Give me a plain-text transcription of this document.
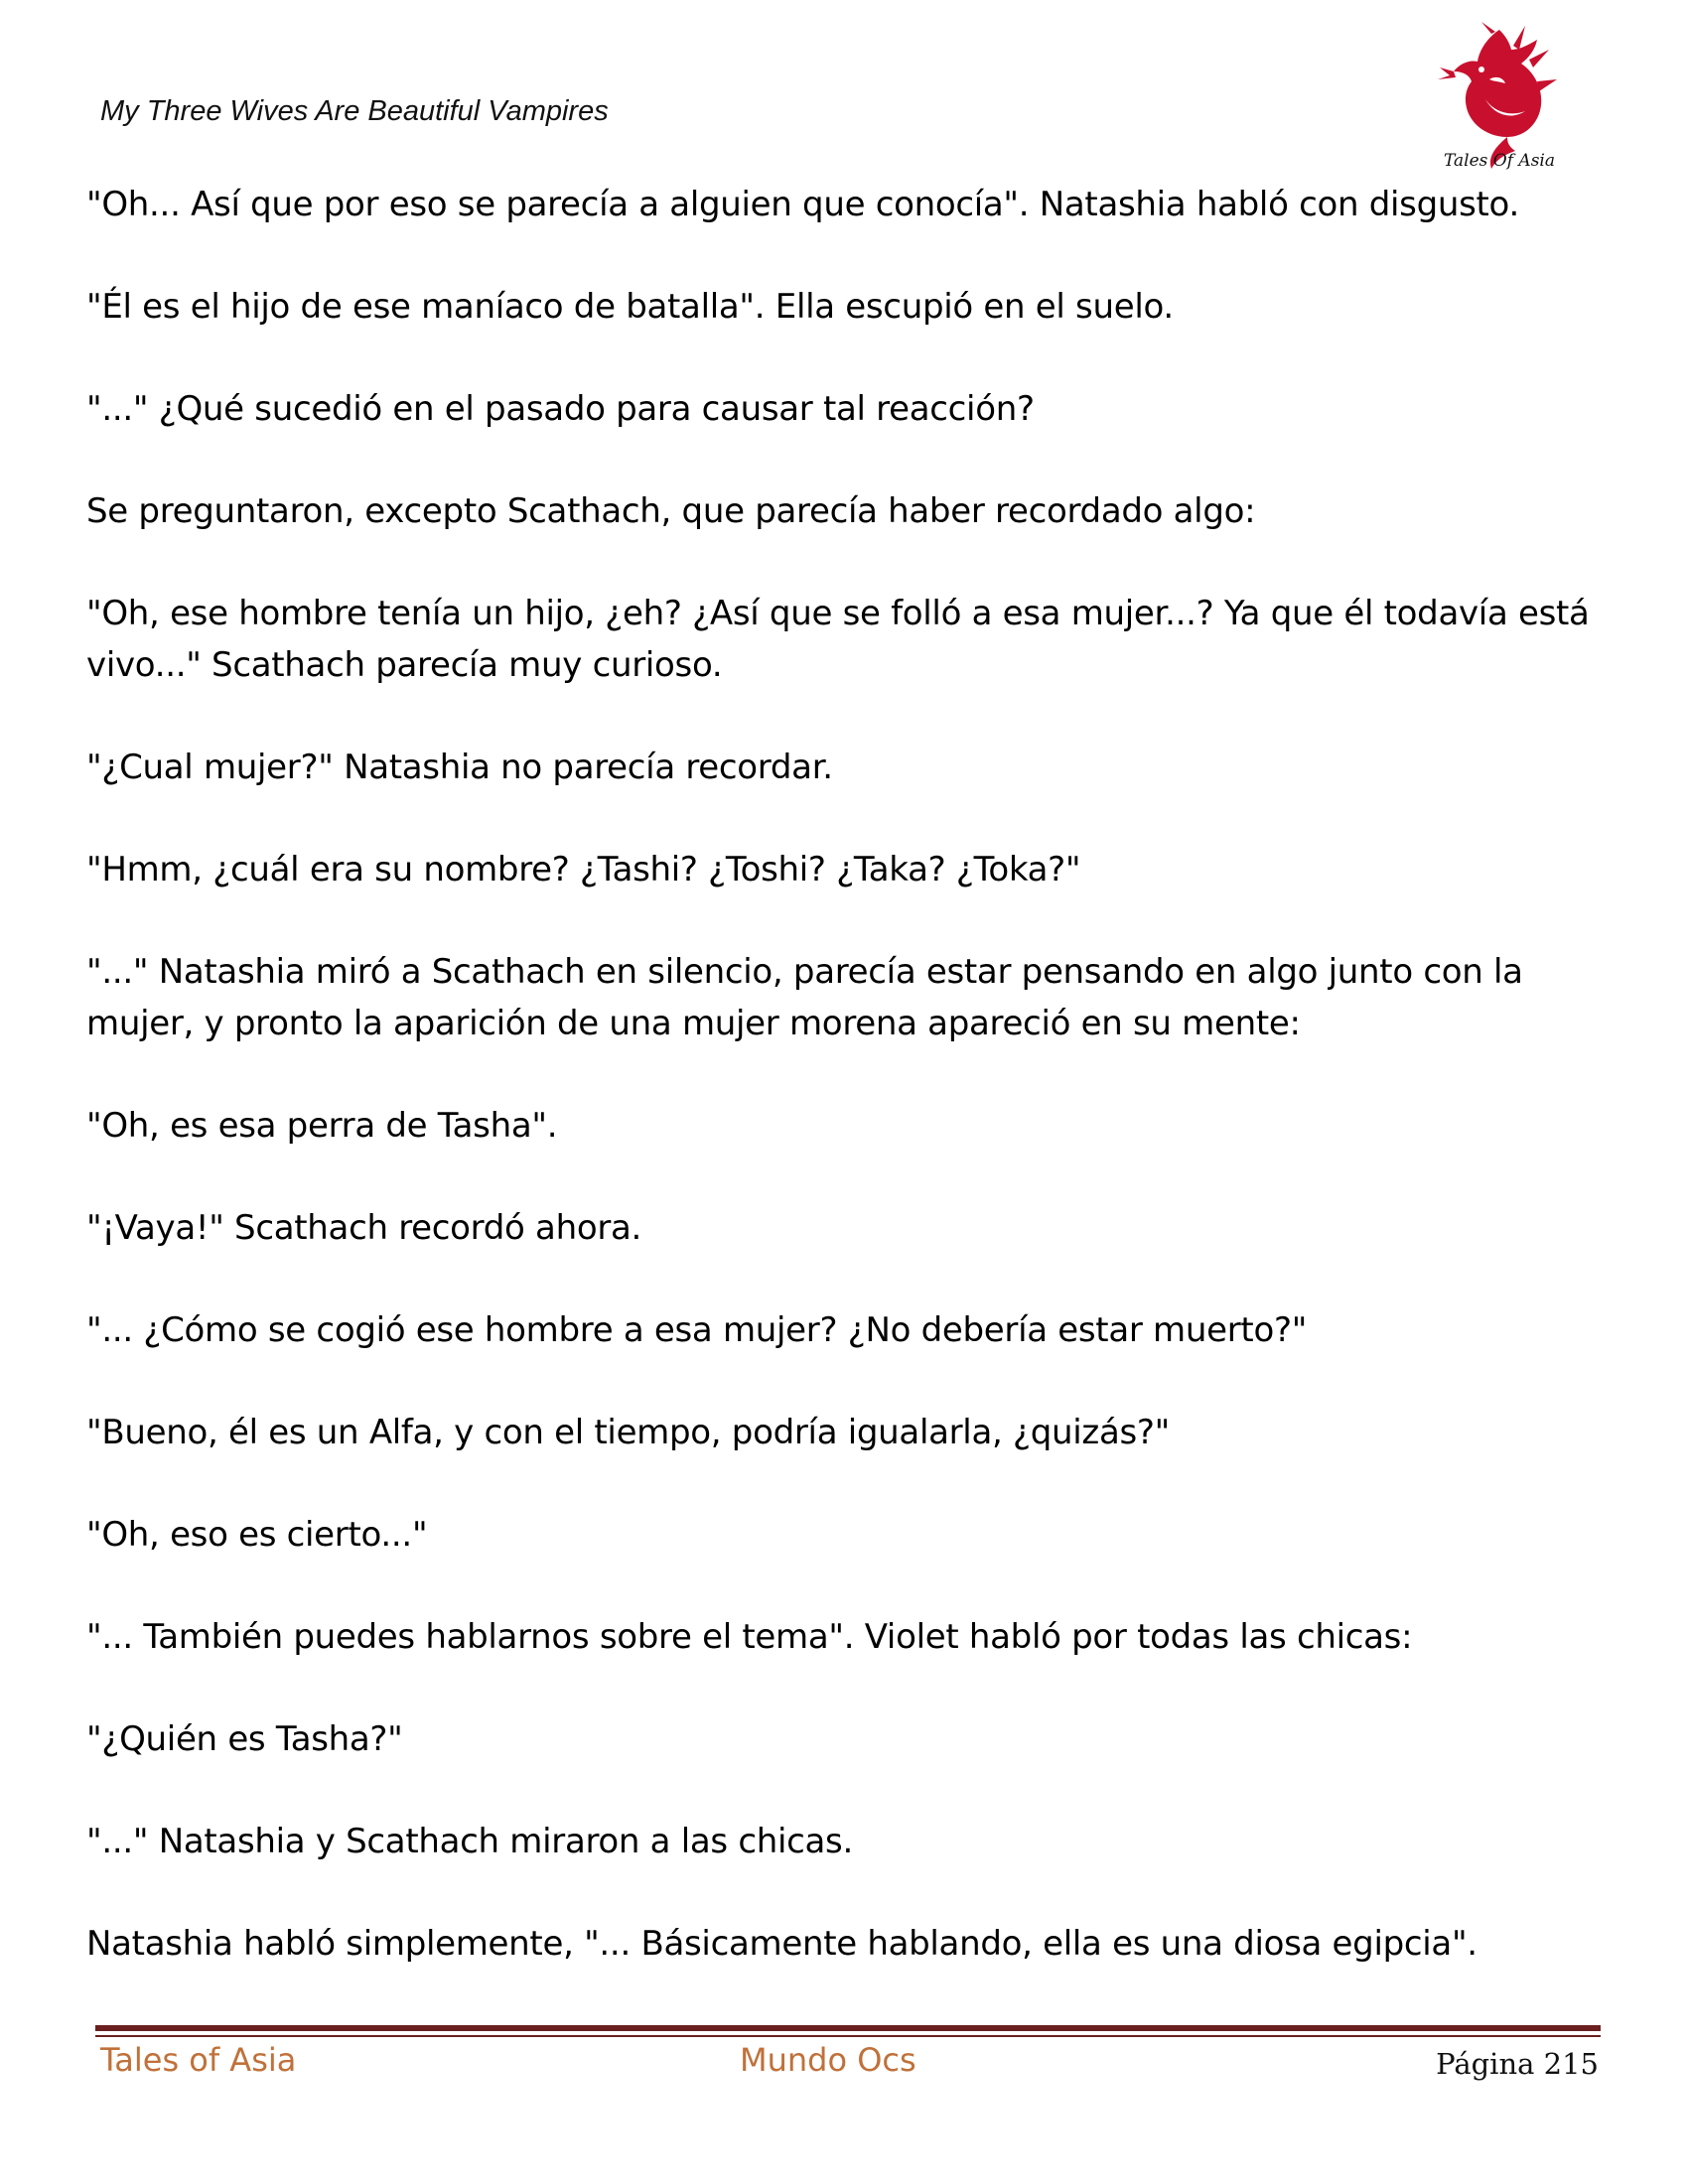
My Three Wives Are Beautiful Vampires
Tales Of Asia

"Oh... Así que por eso se parecía a alguien que conocía". Natashia habló con disgusto.

"Él es el hijo de ese maníaco de batalla". Ella escupió en el suelo.

"..." ¿Qué sucedió en el pasado para causar tal reacción?

Se preguntaron, excepto Scathach, que parecía haber recordado algo:

"Oh, ese hombre tenía un hijo, ¿eh? ¿Así que se folló a esa mujer...? Ya que él todavía está vivo..." Scathach parecía muy curioso.

"¿Cual mujer?" Natashia no parecía recordar.

"Hmm, ¿cuál era su nombre? ¿Tashi? ¿Toshi? ¿Taka? ¿Toka?"

"..." Natashia miró a Scathach en silencio, parecía estar pensando en algo junto con la mujer, y pronto la aparición de una mujer morena apareció en su mente:

"Oh, es esa perra de Tasha".

"¡Vaya!" Scathach recordó ahora.

"... ¿Cómo se cogió ese hombre a esa mujer? ¿No debería estar muerto?"

"Bueno, él es un Alfa, y con el tiempo, podría igualarla, ¿quizás?"

"Oh, eso es cierto..."

"... También puedes hablarnos sobre el tema". Violet habló por todas las chicas:

"¿Quién es Tasha?"

"..." Natashia y Scathach miraron a las chicas.

Natashia habló simplemente, "... Básicamente hablando, ella es una diosa egipcia".

Tales of Asia	Mundo Ocs	Página 215
